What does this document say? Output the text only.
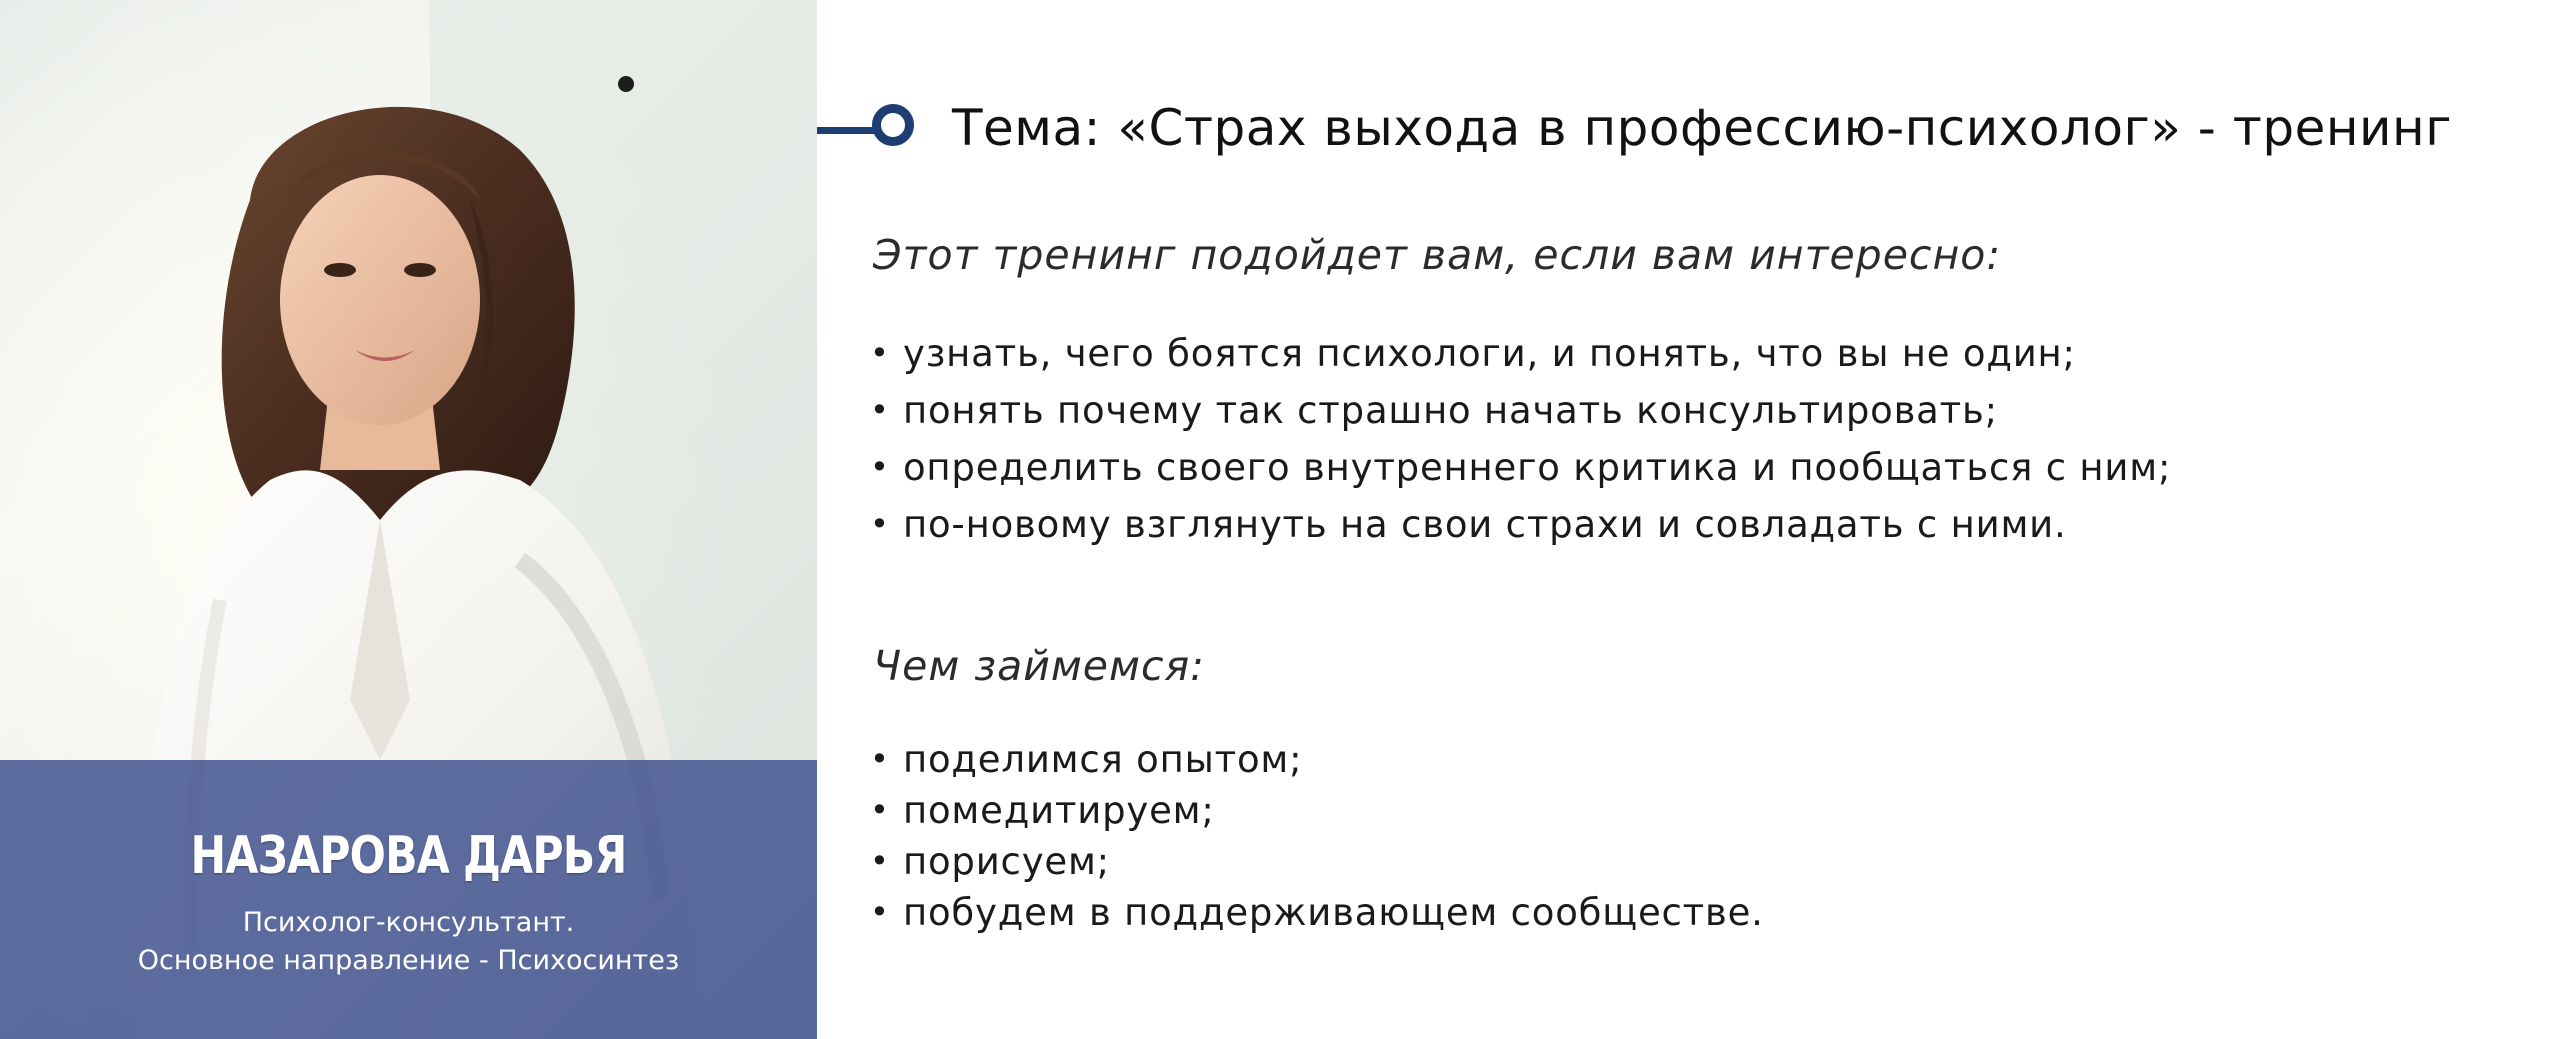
НАЗАРОВА ДАРЬЯ
Психолог-консультант.
Основное направление - Психосинтез
Тема: «Страх выхода в профессию-психолог» - тренинг
Этот тренинг подойдет вам, если вам интересно:
• узнать, чего боятся психологи, и понять, что вы не один;
• понять почему так страшно начать консультировать;
• определить своего внутреннего критика и пообщаться с ним;
• по-новому взглянуть на свои страхи и совладать с ними.
Чем займемся:
• поделимся опытом;
• помедитируем;
• порисуем;
• побудем в поддерживающем сообществе.
